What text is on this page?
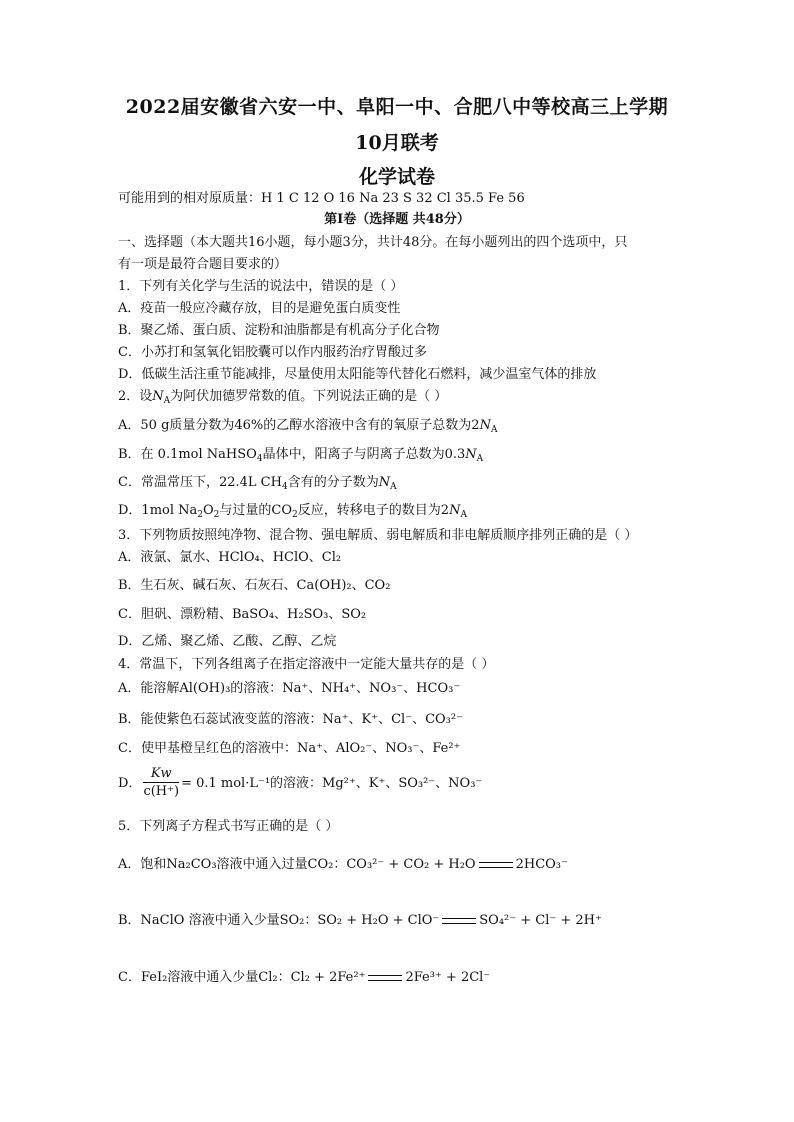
2022届安徽省六安一中、阜阳一中、合肥八中等校高三上学期
10月联考
化学试卷
可能用到的相对原质量：H 1 C 12 O 16 Na 23 S 32 Cl 35.5 Fe 56
第Ⅰ卷（选择题 共48分）
一、选择题（本大题共16小题，每小题3分，共计48分。在每小题列出的四个选项中，只
有一项是最符合题目要求的）
1．下列有关化学与生活的说法中，错误的是（ ）
A．疫苗一般应冷藏存放，目的是避免蛋白质变性
B．聚乙烯、蛋白质、淀粉和油脂都是有机高分子化合物
C．小苏打和氢氧化铝胶囊可以作内服药治疗胃酸过多
D．低碳生活注重节能减排，尽量使用太阳能等代替化石燃料，减少温室气体的排放
2．设$N_A$为阿伏加德罗常数的值。下列说法正确的是（ ）
A．50 g质量分数为46%的乙醇水溶液中含有的氧原子总数为$2N_A$
B．在 0.1mol NaHSO$_4$晶体中，阳离子与阴离子总数为$0.3N_A$
C．常温常压下，22.4L $CH_4$含有的分子数为$N_A$
D．1mol $Na_2O_2$与过量的$CO_2$反应，转移电子的数目为$2N_A$
3．下列物质按照纯净物、混合物、强电解质、弱电解质和非电解质顺序排列正确的是（ ）
A．液氯、氯水、HClO₄、HClO、Cl₂
B．生石灰、碱石灰、石灰石、Ca(OH)₂、CO₂
C．胆矾、漂粉精、BaSO₄、H₂SO₃、SO₂
D．乙烯、聚乙烯、乙酸、乙醇、乙烷
4．常温下，下列各组离子在指定溶液中一定能大量共存的是（ ）
A．能溶解Al(OH)₃的溶液：Na⁺、NH₄⁺、NO₃⁻、HCO₃⁻
B．能使紫色石蕊试液变蓝的溶液：Na⁺、K⁺、Cl⁻、CO₃²⁻
C．使甲基橙呈红色的溶液中：Na⁺、AlO₂⁻、NO₃⁻、Fe²⁺
D． $\frac{Kw}{c(H^+)} = 0.1$ mol·L⁻¹的溶液：Mg²⁺、K⁺、SO₃²⁻、NO₃⁻
5．下列离子方程式书写正确的是（ ）
A．饱和Na₂CO₃溶液中通入过量CO₂：CO₃²⁻ + CO₂ + H₂O	2HCO₃⁻
B．NaClO 溶液中通入少量SO₂：SO₂ + H₂O + ClO⁻	SO₄²⁻ + Cl⁻ + 2H⁺
C．FeI₂溶液中通入少量Cl₂：Cl₂ + 2Fe²⁺	2Fe³⁺ + 2Cl⁻
